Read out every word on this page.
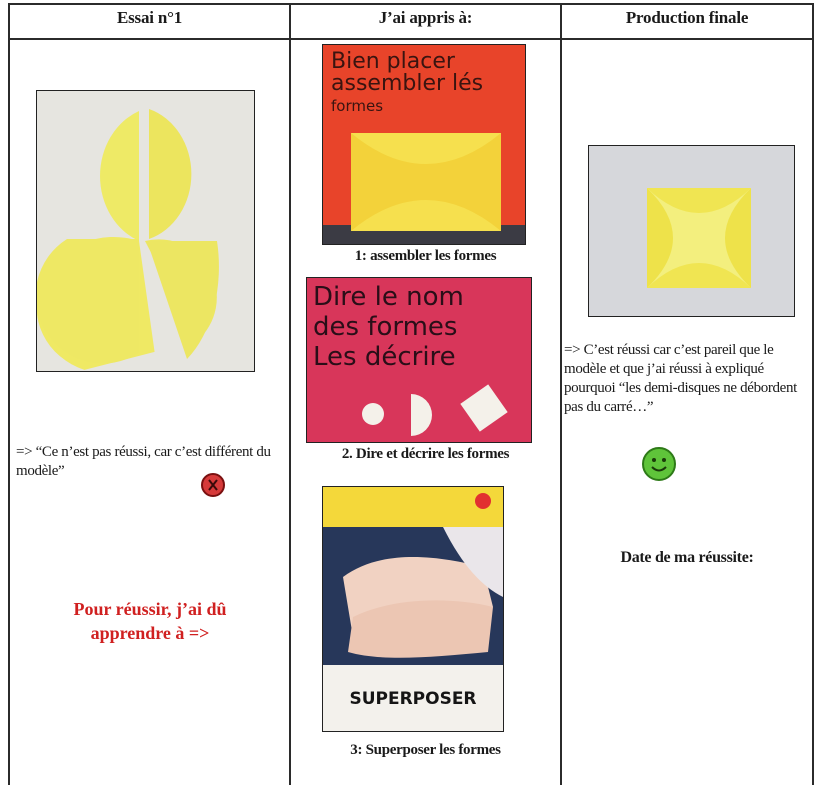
Essai n°1	J’ai appris à:	Production finale
=> “Ce n’est pas réussi, car c’est différent du modèle”
Pour réussir, j’ai dû
apprendre à =>
Bien placer
assembler lés
formes
1: assembler les formes
Dire le nom
des formes
Les décrire
2. Dire et décrire les formes
SUPERPOSER
3: Superposer les formes
=> C’est réussi car c’est pareil que le modèle et que j’ai réussi à expliqué pourquoi “les demi-disques ne débordent pas du carré…”
Date de ma réussite:
